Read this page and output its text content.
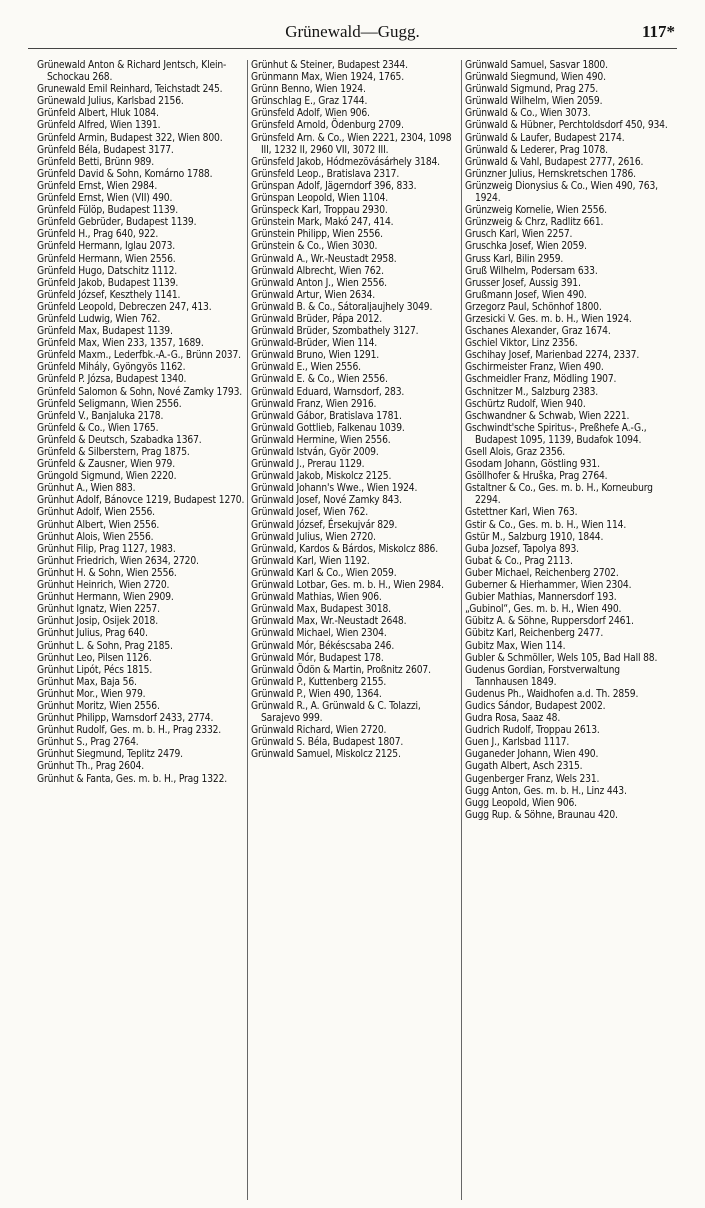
Grünewald—Gugg.	117*
Grünewald Anton & Richard Jentsch, Klein-Schockau 268.
Grunewald Emil Reinhard, Teichstadt 245.
Grünewald Julius, Karlsbad 2156.
Grünfeld Albert, Hluk 1084.
Grünfeld Alfred, Wien 1391.
Grünfeld Armin, Budapest 322, Wien 800.
Grünfeld Béla, Budapest 3177.
Grünfeld Betti, Brünn 989.
Grünfeld David & Sohn, Komárno 1788.
Grünfeld Ernst, Wien 2984.
Grünfeld Ernst, Wien (VII) 490.
Grünfeld Fülöp, Budapest 1139.
Grünfeld Gebrüder, Budapest 1139.
Grünfeld H., Prag 640, 922.
Grünfeld Hermann, Iglau 2073.
Grünfeld Hermann, Wien 2556.
Grünfeld Hugo, Datschitz 1112.
Grünfeld Jakob, Budapest 1139.
Grünfeld József, Keszthely 1141.
Grünfeld Leopold, Debreczen 247, 413.
Grünfeld Ludwig, Wien 762.
Grünfeld Max, Budapest 1139.
Grünfeld Max, Wien 233, 1357, 1689.
Grünfeld Maxm., Lederfbk.-A.-G., Brünn 2037.
Grünfeld Mihály, Gyöngyös 1162.
Grünfeld P. Józsa, Budapest 1340.
Grünfeld Salomon & Sohn, Nové Zamky 1793.
Grünfeld Seligmann, Wien 2556.
Grünfeld V., Banjaluka 2178.
Grünfeld & Co., Wien 1765.
Grünfeld & Deutsch, Szabadka 1367.
Grünfeld & Silberstern, Prag 1875.
Grünfeld & Zausner, Wien 979.
Grüngold Sigmund, Wien 2220.
Grünhut A., Wien 883.
Grünhut Adolf, Bánovce 1219, Budapest 1270.
Grünhut Adolf, Wien 2556.
Grünhut Albert, Wien 2556.
Grünhut Alois, Wien 2556.
Grünhut Filip, Prag 1127, 1983.
Grünhut Friedrich, Wien 2634, 2720.
Grünhut H. & Sohn, Wien 2556.
Grünhut Heinrich, Wien 2720.
Grünhut Hermann, Wien 2909.
Grünhut Ignatz, Wien 2257.
Grünhut Josip, Osijek 2018.
Grünhut Julius, Prag 640.
Grünhut L. & Sohn, Prag 2185.
Grünhut Leo, Pilsen 1126.
Grünhut Lipót, Pécs 1815.
Grünhut Max, Baja 56.
Grünhut Mor., Wien 979.
Grünhut Moritz, Wien 2556.
Grünhut Philipp, Warnsdorf 2433, 2774.
Grünhut Rudolf, Ges. m. b. H., Prag 2332.
Grünhut S., Prag 2764.
Grünhut Siegmund, Teplitz 2479.
Grünhut Th., Prag 2604.
Grünhut & Fanta, Ges. m. b. H., Prag 1322.
Grünhut & Steiner, Budapest 2344.
Grünmann Max, Wien 1924, 1765.
Grünn Benno, Wien 1924.
Grünschlag E., Graz 1744.
Grünsfeld Adolf, Wien 906.
Grünsfeld Arnold, Ödenburg 2709.
Grünsfeld Arn. & Co., Wien 2221, 2304, 1098 III, 1232 II, 2960 VII, 3072 III.
Grünsfeld Jakob, Hódmezövásárhely 3184.
Grünsfeld Leop., Bratislava 2317.
Grünspan Adolf, Jägerndorf 396, 833.
Grünspan Leopold, Wien 1104.
Grünspeck Karl, Troppau 2930.
Grünstein Mark, Makó 247, 414.
Grünstein Philipp, Wien 2556.
Grünstein & Co., Wien 3030.
Grünwald A., Wr.-Neustadt 2958.
Grünwald Albrecht, Wien 762.
Grünwald Anton J., Wien 2556.
Grünwald Artur, Wien 2634.
Grünwald B. & Co., Sátoraljaujhely 3049.
Grünwald Brüder, Pápa 2012.
Grünwald Brüder, Szombathely 3127.
Grünwald-Brüder, Wien 114.
Grünwald Bruno, Wien 1291.
Grünwald E., Wien 2556.
Grünwald E. & Co., Wien 2556.
Grünwald Eduard, Warnsdorf, 283.
Grünwald Franz, Wien 2916.
Grünwald Gábor, Bratislava 1781.
Grünwald Gottlieb, Falkenau 1039.
Grünwald Hermine, Wien 2556.
Grünwald István, Györ 2009.
Grünwald J., Prerau 1129.
Grünwald Jakob, Miskolcz 2125.
Grünwald Johann's Wwe., Wien 1924.
Grünwald Josef, Nové Zamky 843.
Grünwald Josef, Wien 762.
Grünwald József, Érsekujvár 829.
Grünwald Julius, Wien 2720.
Grünwald, Kardos & Bárdos, Miskolcz 886.
Grünwald Karl, Wien 1192.
Grünwald Karl & Co., Wien 2059.
Grünwald Lotbar, Ges. m. b. H., Wien 2984.
Grünwald Mathias, Wien 906.
Grünwald Max, Budapest 3018.
Grünwald Max, Wr.-Neustadt 2648.
Grünwald Michael, Wien 2304.
Grünwald Mór, Békéscsaba 246.
Grünwald Mór, Budapest 178.
Grünwald Ödön & Martin, Proßnitz 2607.
Grünwald P., Kuttenberg 2155.
Grünwald P., Wien 490, 1364.
Grünwald R., A. Grünwald & C. Tolazzi, Sarajevo 999.
Grünwald Richard, Wien 2720.
Grünwald S. Béla, Budapest 1807.
Grünwald Samuel, Miskolcz 2125.
Grünwald Samuel, Sasvar 1800.
Grünwald Siegmund, Wien 490.
Grünwald Sigmund, Prag 275.
Grünwald Wilhelm, Wien 2059.
Grünwald & Co., Wien 3073.
Grünwald & Hübner, Perchtoldsdorf 450, 934.
Grünwald & Laufer, Budapest 2174.
Grünwald & Lederer, Prag 1078.
Grünwald & Vahl, Budapest 2777, 2616.
Grünzner Julius, Hernskretschen 1786.
Grünzweig Dionysius & Co., Wien 490, 763, 1924.
Grünzweig Kornelie, Wien 2556.
Grünzweig & Chrz, Radlitz 661.
Grusch Karl, Wien 2257.
Gruschka Josef, Wien 2059.
Gruss Karl, Bilin 2959.
Gruß Wilhelm, Podersam 633.
Grusser Josef, Aussig 391.
Grußmann Josef, Wien 490.
Grzegorz Paul, Schönhof 1800.
Grzesicki V. Ges. m. b. H., Wien 1924.
Gschanes Alexander, Graz 1674.
Gschiel Viktor, Linz 2356.
Gschihay Josef, Marienbad 2274, 2337.
Gschirmeister Franz, Wien 490.
Gschmeidler Franz, Mödling 1907.
Gschnitzer M., Salzburg 2383.
Gschürtz Rudolf, Wien 940.
Gschwandner & Schwab, Wien 2221.
Gschwindt'sche Spiritus-, Preßhefe A.-G., Budapest 1095, 1139, Budafok 1094.
Gsell Alois, Graz 2356.
Gsodam Johann, Göstling 931.
Gsöllhofer & Hruška, Prag 2764.
Gstaltner & Co., Ges. m. b. H., Korneuburg 2294.
Gstettner Karl, Wien 763.
Gstir & Co., Ges. m. b. H., Wien 114.
Gstür M., Salzburg 1910, 1844.
Guba Jozsef, Tapolya 893.
Gubat & Co., Prag 2113.
Guber Michael, Reichenberg 2702.
Guberner & Hierhammer, Wien 2304.
Gubier Mathias, Mannersdorf 193.
„Gubinol“, Ges. m. b. H., Wien 490.
Gübitz A. & Söhne, Ruppersdorf 2461.
Gübitz Karl, Reichenberg 2477.
Gubitz Max, Wien 114.
Gubler & Schmöller, Wels 105, Bad Hall 88.
Gudenus Gordian, Forstverwaltung Tannhausen 1849.
Gudenus Ph., Waidhofen a.d. Th. 2859.
Gudics Sándor, Budapest 2002.
Gudra Rosa, Saaz 48.
Gudrich Rudolf, Troppau 2613.
Guen J., Karlsbad 1117.
Guganeder Johann, Wien 490.
Gugath Albert, Asch 2315.
Gugenberger Franz, Wels 231.
Gugg Anton, Ges. m. b. H., Linz 443.
Gugg Leopold, Wien 906.
Gugg Rup. & Söhne, Braunau 420.
